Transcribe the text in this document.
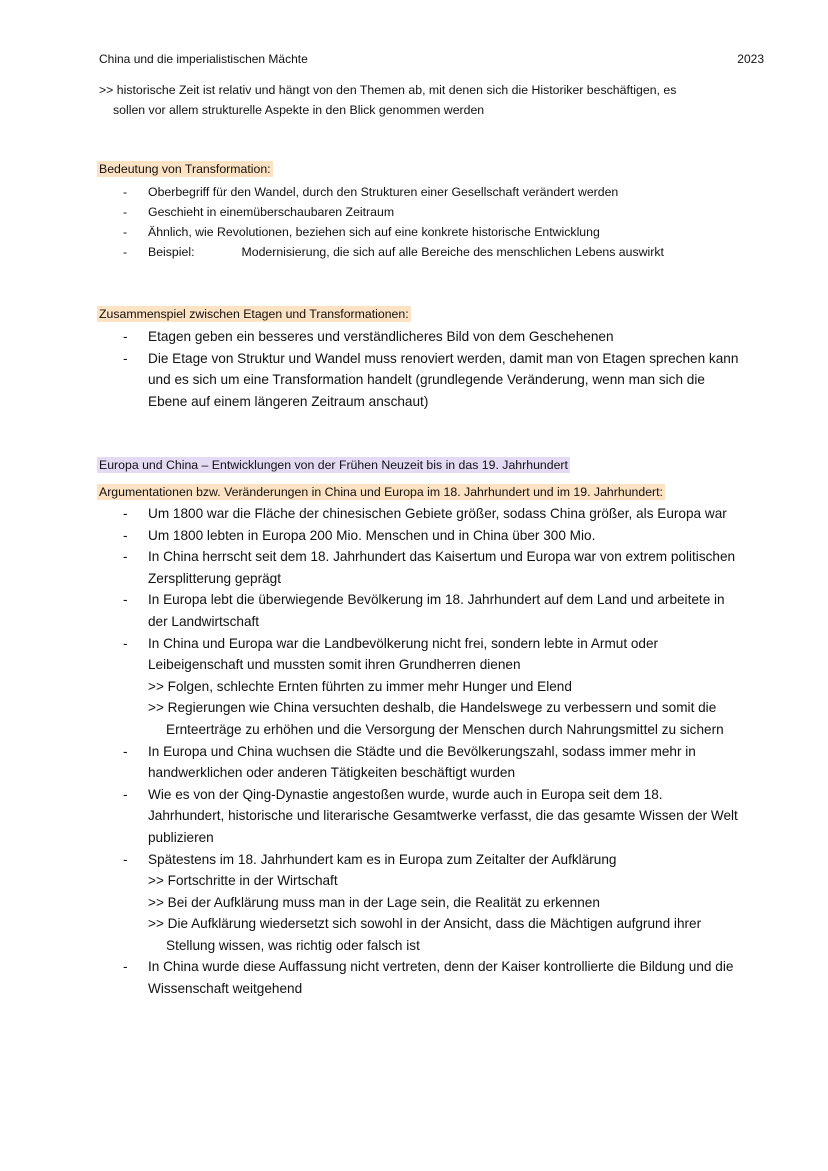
China und die imperialistischen Mächte	2023
>> historische Zeit ist relativ und hängt von den Themen ab, mit denen sich die Historiker beschäftigen, es
sollen vor allem strukturelle Aspekte in den Blick genommen werden
Bedeutung von Transformation:
- Oberbegriff für den Wandel, durch den Strukturen einer Gesellschaft verändert werden
- Geschieht in einemüberschaubaren Zeitraum
- Ähnlich, wie Revolutionen, beziehen sich auf eine konkrete historische Entwicklung
- Beispiel:	Modernisierung, die sich auf alle Bereiche des menschlichen Lebens auswirkt
Zusammenspiel zwischen Etagen und Transformationen:
- Etagen geben ein besseres und verständlicheres Bild von dem Geschehenen
- Die Etage von Struktur und Wandel muss renoviert werden, damit man von Etagen sprechen kann und es sich um eine Transformation handelt (grundlegende Veränderung, wenn man sich die Ebene auf einem längeren Zeitraum anschaut)
Europa und China – Entwicklungen von der Frühen Neuzeit bis in das 19. Jahrhundert
Argumentationen bzw. Veränderungen in China und Europa im 18. Jahrhundert und im 19. Jahrhundert:
- Um 1800 war die Fläche der chinesischen Gebiete größer, sodass China größer, als Europa war
- Um 1800 lebten in Europa 200 Mio. Menschen und in China über 300 Mio.
- In China herrscht seit dem 18. Jahrhundert das Kaisertum und Europa war von extrem politischen Zersplitterung geprägt
- In Europa lebt die überwiegende Bevölkerung im 18. Jahrhundert auf dem Land und arbeitete in der Landwirtschaft
- In China und Europa war die Landbevölkerung nicht frei, sondern lebte in Armut oder Leibeigenschaft und mussten somit ihren Grundherren dienen
>> Folgen, schlechte Ernten führten zu immer mehr Hunger und Elend
>> Regierungen wie China versuchten deshalb, die Handelswege zu verbessern und somit die Ernteerträge zu erhöhen und die Versorgung der Menschen durch Nahrungsmittel zu sichern
- In Europa und China wuchsen die Städte und die Bevölkerungszahl, sodass immer mehr in handwerklichen oder anderen Tätigkeiten beschäftigt wurden
- Wie es von der Qing-Dynastie angestoßen wurde, wurde auch in Europa seit dem 18. Jahrhundert, historische und literarische Gesamtwerke verfasst, die das gesamte Wissen der Welt publizieren
- Spätestens im 18. Jahrhundert kam es in Europa zum Zeitalter der Aufklärung
>> Fortschritte in der Wirtschaft
>> Bei der Aufklärung muss man in der Lage sein, die Realität zu erkennen
>> Die Aufklärung wiedersetzt sich sowohl in der Ansicht, dass die Mächtigen aufgrund ihrer Stellung wissen, was richtig oder falsch ist
- In China wurde diese Auffassung nicht vertreten, denn der Kaiser kontrollierte die Bildung und die Wissenschaft weitgehend
